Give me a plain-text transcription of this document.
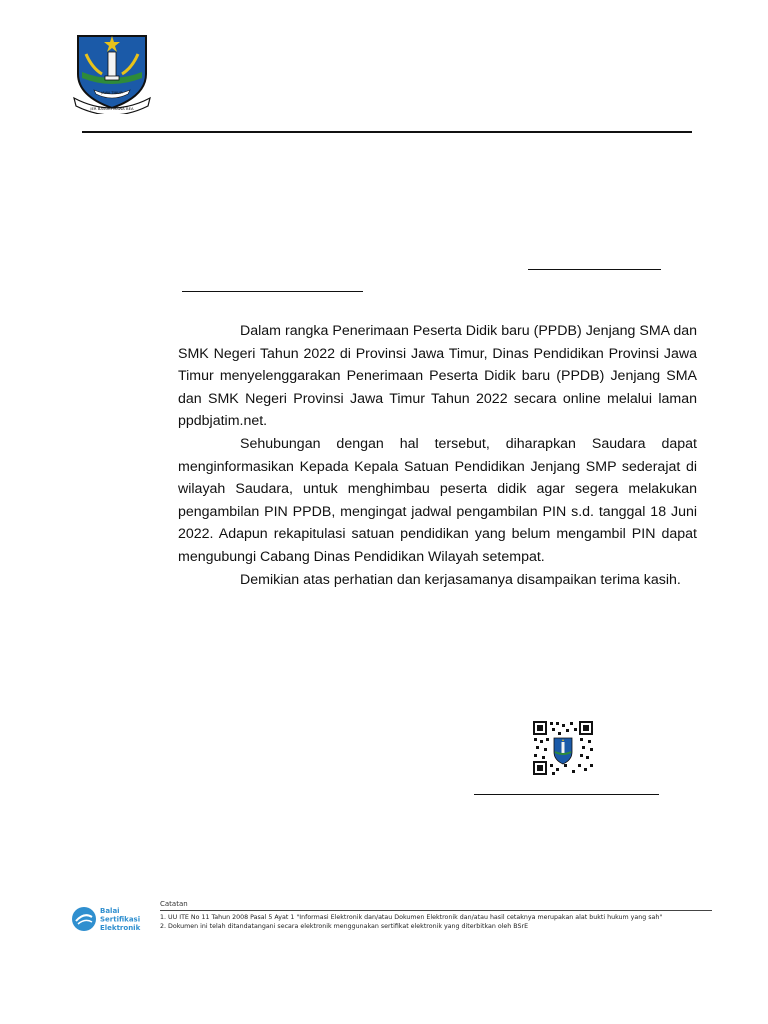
JAWA TIMUR
JER BASUKI MAWA BEA

Dalam rangka Penerimaan Peserta Didik baru (PPDB) Jenjang SMA dan SMK Negeri Tahun 2022 di Provinsi Jawa Timur, Dinas Pendidikan Provinsi Jawa Timur menyelenggarakan Penerimaan Peserta Didik baru (PPDB) Jenjang SMA dan SMK Negeri Provinsi Jawa Timur Tahun 2022 secara online melalui laman ppdbjatim.net.

Sehubungan dengan hal tersebut, diharapkan Saudara dapat menginformasikan Kepada Kepala Satuan Pendidikan Jenjang SMP sederajat di wilayah Saudara, untuk menghimbau peserta didik agar segera melakukan pengambilan PIN PPDB, mengingat jadwal pengambilan PIN s.d. tanggal 18 Juni 2022. Adapun rekapitulasi satuan pendidikan yang belum mengambil PIN dapat mengubungi Cabang Dinas Pendidikan Wilayah setempat.

Demikian atas perhatian dan kerjasamanya disampaikan terima kasih.

Balai
Sertifikasi
Elektronik
Catatan
1. UU ITE No 11 Tahun 2008 Pasal 5 Ayat 1 "Informasi Elektronik dan/atau Dokumen Elektronik dan/atau hasil cetaknya merupakan alat bukti hukum yang sah"
2. Dokumen ini telah ditandatangani secara elektronik menggunakan sertifikat elektronik yang diterbitkan oleh BSrE
